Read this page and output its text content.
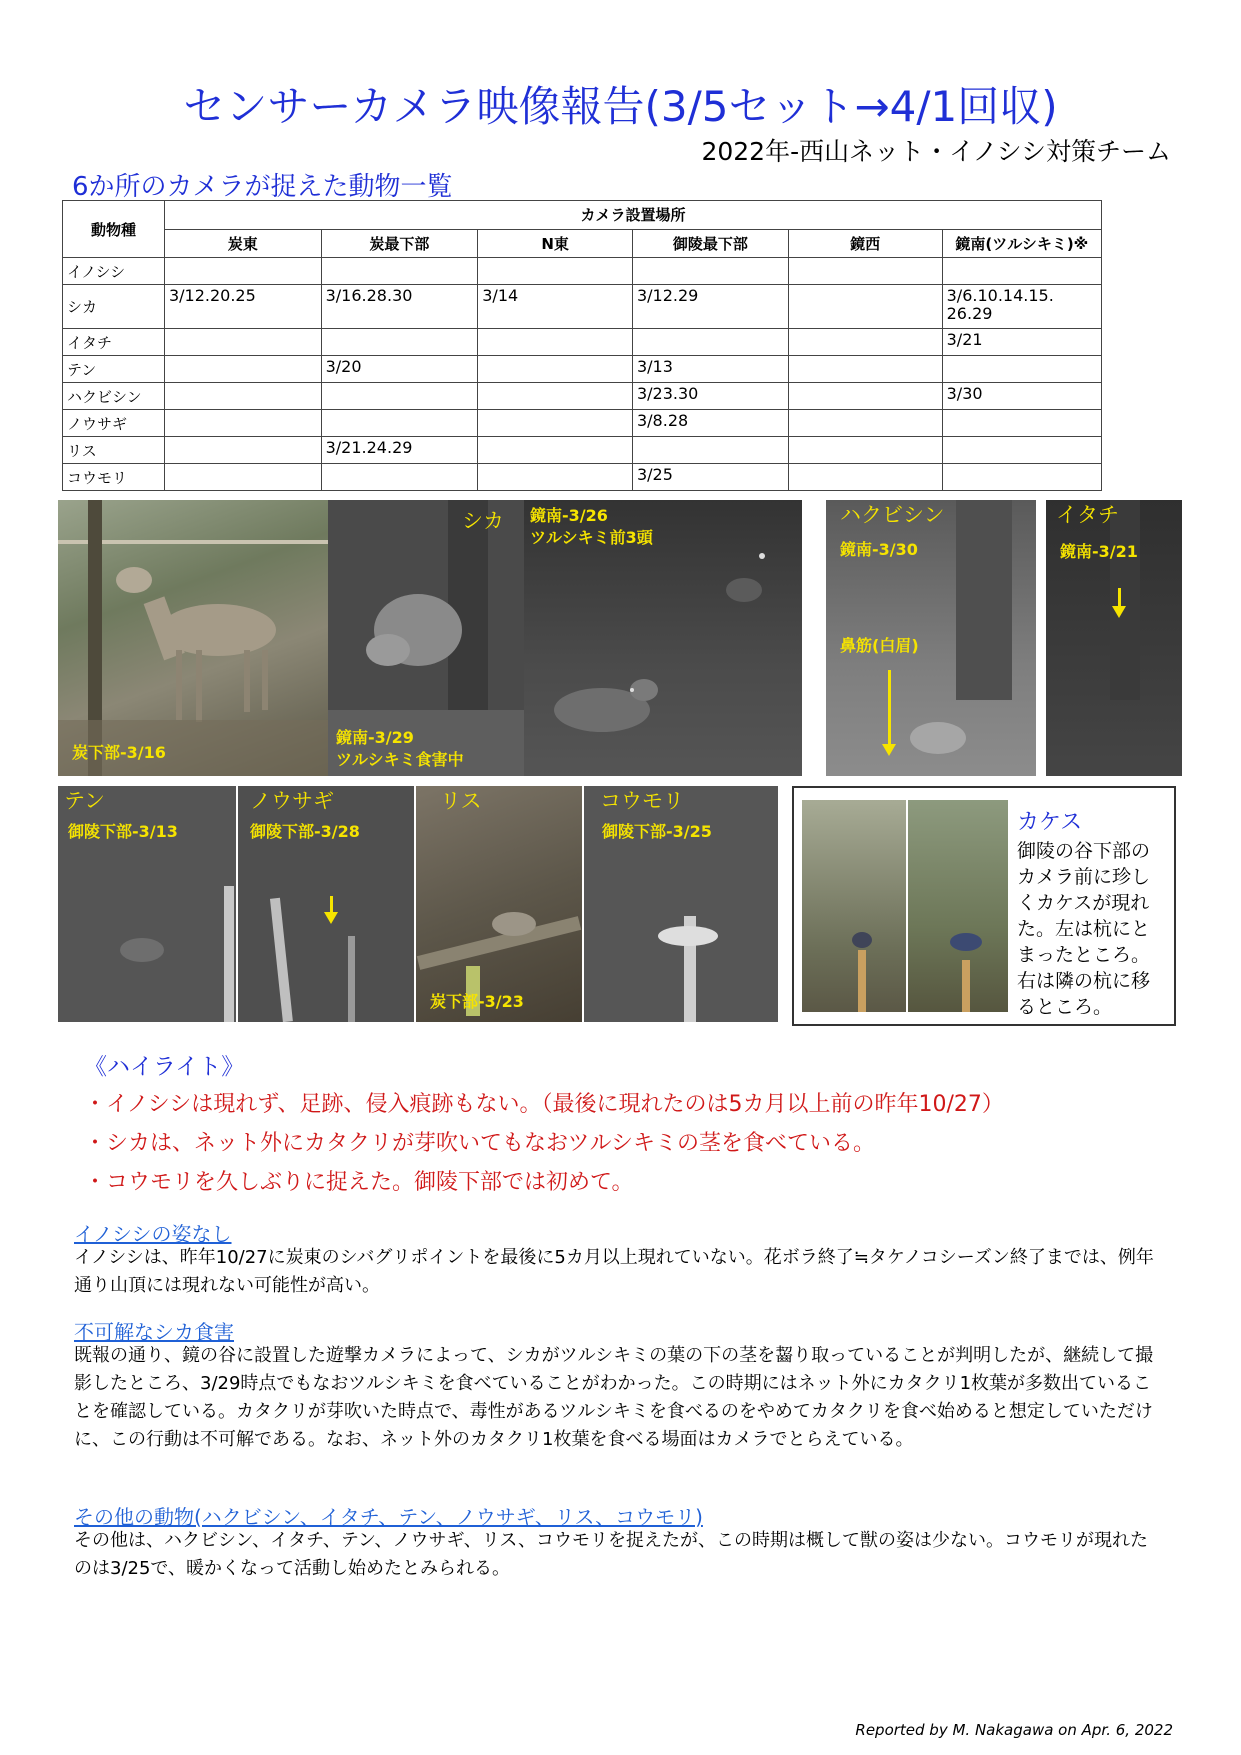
センサーカメラ映像報告(3/5セット→4/1回収)
2022年-西山ネット・イノシシ対策チーム
6か所のカメラが捉えた動物一覧
動物種	カメラ設置場所					
	炭東	炭最下部	N東	御陵最下部	鏡西	鏡南(ツルシキミ)※
イノシシ						
シカ	3/12.20.25	3/16.28.30	3/14	3/12.29		3/6.10.14.15.
26.29
イタチ						3/21
テン		3/20		3/13		
ハクビシン				3/23.30		3/30
ノウサギ				3/8.28		
リス		3/21.24.29				
コウモリ				3/25		
炭下部-3/16
シカ
鏡南-3/29
ツルシキミ食害中
鏡南-3/26
ツルシキミ前3頭
ハクビシン
鏡南-3/30
鼻筋(白眉)
イタチ
鏡南-3/21
テン
御陵下部-3/13
ノウサギ
御陵下部-3/28
リス
炭下部-3/23
コウモリ
御陵下部-3/25	カケス
御陵の谷下部のカメラ前に珍しくカケスが現れた。左は杭にとまったところ。右は隣の杭に移るところ。
《ハイライト》
・イノシシは現れず、足跡、侵入痕跡もない。（最後に現れたのは5カ月以上前の昨年10/27）
・シカは、ネット外にカタクリが芽吹いてもなおツルシキミの茎を食べている。
・コウモリを久しぶりに捉えた。御陵下部では初めて。
イノシシの姿なし
イノシシは、昨年10/27に炭東のシバグリポイントを最後に5カ月以上現れていない。花ボラ終了≒タケノコシーズン終了までは、例年通り山頂には現れない可能性が高い。
不可解なシカ食害
既報の通り、鏡の谷に設置した遊撃カメラによって、シカがツルシキミの葉の下の茎を齧り取っていることが判明したが、継続して撮影したところ、3/29時点でもなおツルシキミを食べていることがわかった。この時期にはネット外にカタクリ1枚葉が多数出ていることを確認している。カタクリが芽吹いた時点で、毒性があるツルシキミを食べるのをやめてカタクリを食べ始めると想定していただけに、この行動は不可解である。なお、ネット外のカタクリ1枚葉を食べる場面はカメラでとらえている。
その他の動物(ハクビシン、イタチ、テン、ノウサギ、リス、コウモリ)
その他は、ハクビシン、イタチ、テン、ノウサギ、リス、コウモリを捉えたが、この時期は概して獣の姿は少ない。コウモリが現れたのは3/25で、暖かくなって活動し始めたとみられる。
Reported by M. Nakagawa on Apr. 6, 2022
